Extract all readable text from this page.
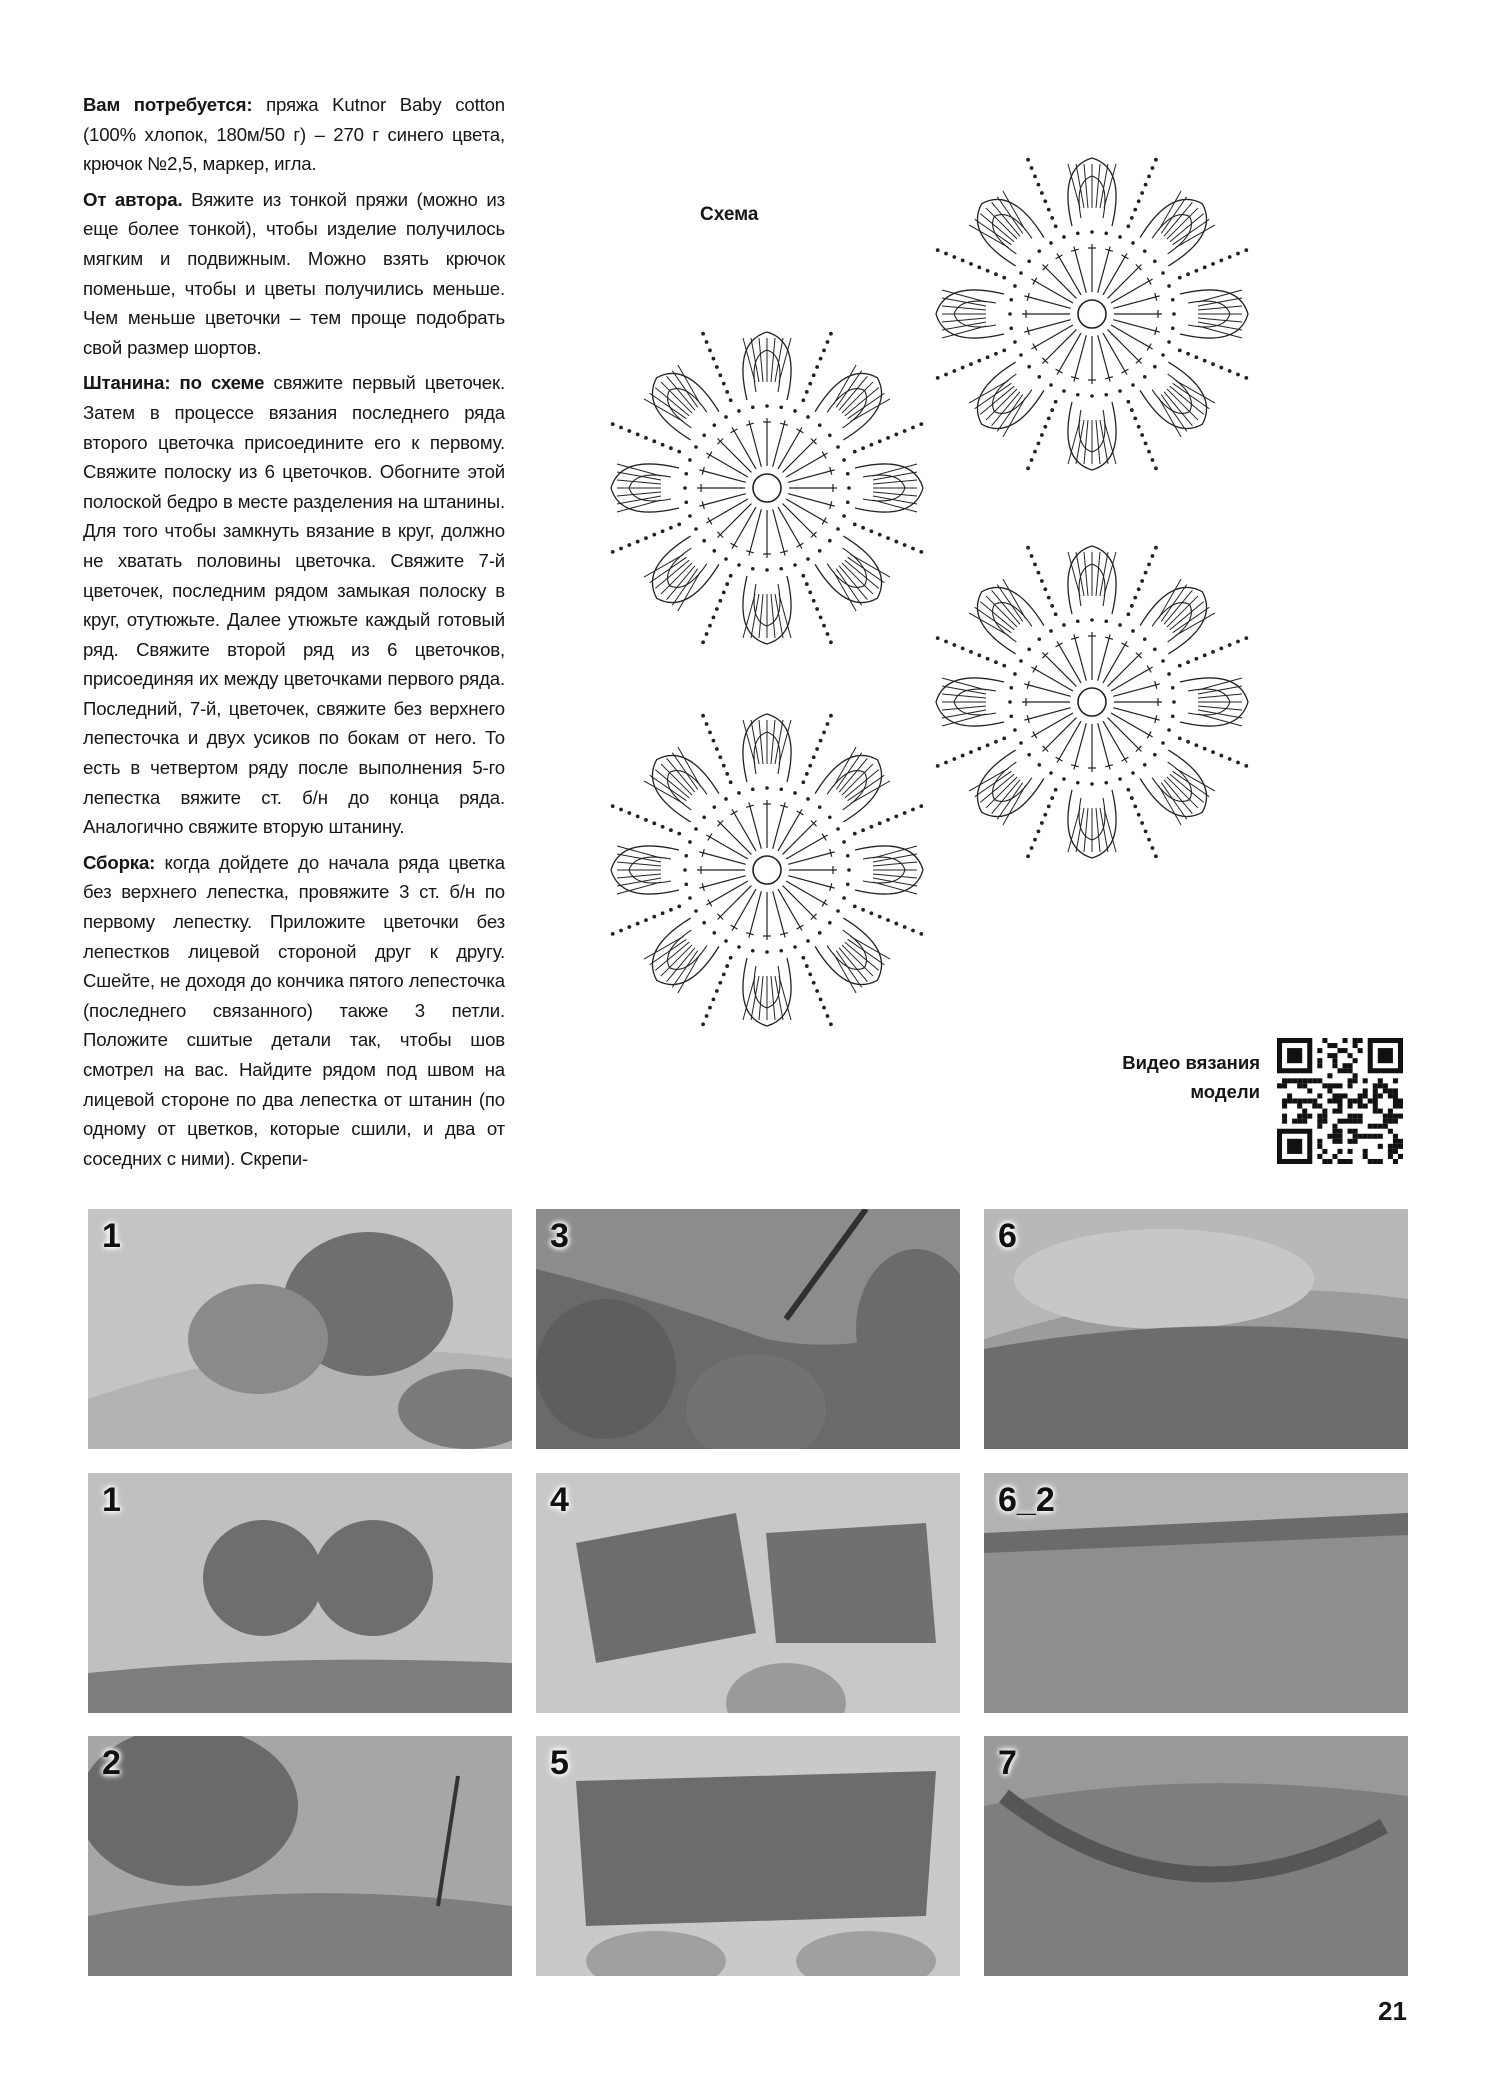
Вам потребуется: пряжа Kutnor Baby cotton (100% хлопок, 180м/50 г) – 270 г синего цвета, крючок №2,5, маркер, игла.

От автора. Вяжите из тонкой пряжи (можно из еще более тонкой), чтобы изделие получилось мягким и подвижным. Можно взять крючок поменьше, чтобы и цветы получились меньше. Чем меньше цветочки – тем проще подобрать свой размер шортов.

Штанина: по схеме свяжите первый цветочек. Затем в процессе вязания последнего ряда второго цветочка присоедините его к первому. Свяжите полоску из 6 цветочков. Обогните этой полоской бедро в месте разделения на штанины. Для того чтобы замкнуть вязание в круг, должно не хватать половины цветочка. Свяжите 7-й цветочек, последним рядом замыкая полоску в круг, отутюжьте. Далее утюжьте каждый готовый ряд. Свяжите второй ряд из 6 цветочков, присоединяя их между цветочками первого ряда. Последний, 7-й, цветочек, свяжите без верхнего лепесточка и двух усиков по бокам от него. То есть в четвертом ряду после выполнения 5-го лепестка вяжите ст. б/н до конца ряда. Аналогично свяжите вторую штанину.

Сборка: когда дойдете до начала ряда цветка без верхнего лепестка, провяжите 3 ст. б/н по первому лепестку. Приложите цветочки без лепестков лицевой стороной друг к другу. Сшейте, не доходя до кончика пятого лепесточка (последнего связанного) также 3 петли. Положите сшитые детали так, чтобы шов смотрел на вас. Найдите рядом под швом на лицевой стороне по два лепестка от штанин (по одному от цветков, которые сшили, и два от соседних с ними). Скрепи-

Схема
Видео вязания
модели
1	3	6
1	4	6_2
2	5	7
21
